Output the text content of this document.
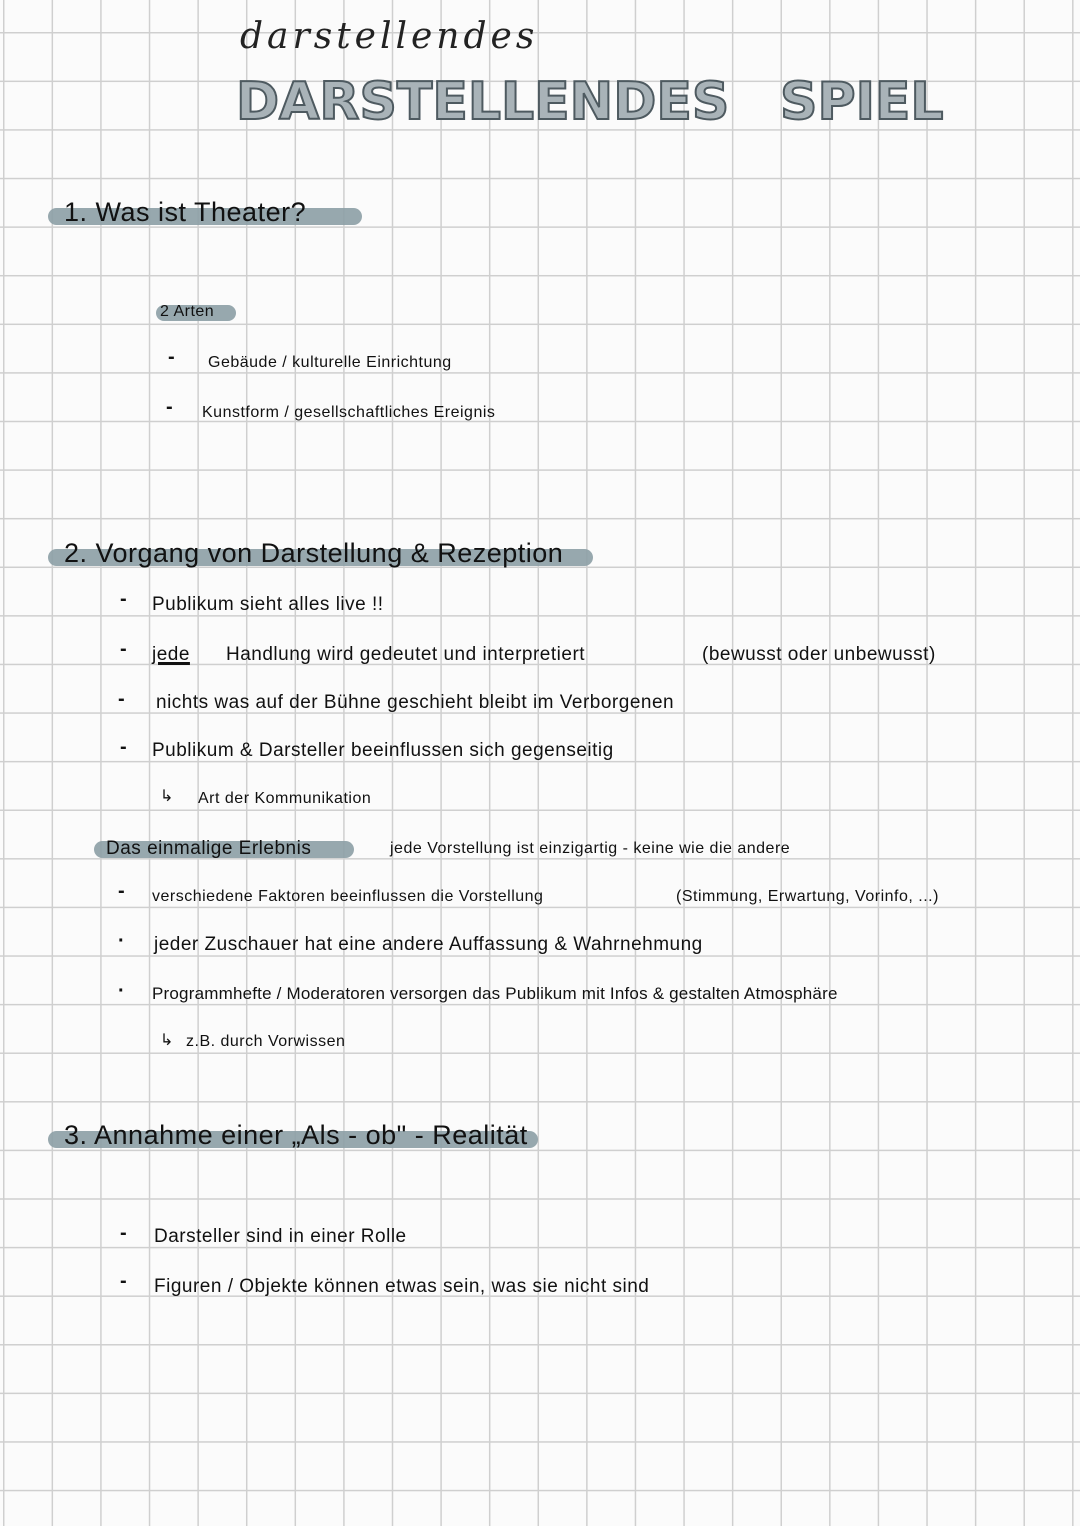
darstellendes
DARSTELLENDES SPIEL
1. Was ist Theater?
2 Arten
- Gebäude / kulturelle Einrichtung
- Kunstform / gesellschaftliches Ereignis
2. Vorgang von Darstellung & Rezeption
- Publikum sieht alles live !!
- jede Handlung wird gedeutet und interpretiert	(bewusst oder unbewusst)
- nichts was auf der Bühne geschieht bleibt im Verborgenen
- Publikum & Darsteller beeinflussen sich gegenseitig
↳ Art der Kommunikation
Das einmalige Erlebnis	jede Vorstellung ist einzigartig - keine wie die andere
- verschiedene Faktoren beeinflussen die Vorstellung	(Stimmung, Erwartung, Vorinfo, ...)
· jeder Zuschauer hat eine andere Auffassung & Wahrnehmung
· Programmhefte / Moderatoren versorgen das Publikum mit Infos & gestalten Atmosphäre
↳ z.B. durch Vorwissen
3. Annahme einer „Als - ob" - Realität
- Darsteller sind in einer Rolle
- Figuren / Objekte können etwas sein, was sie nicht sind
